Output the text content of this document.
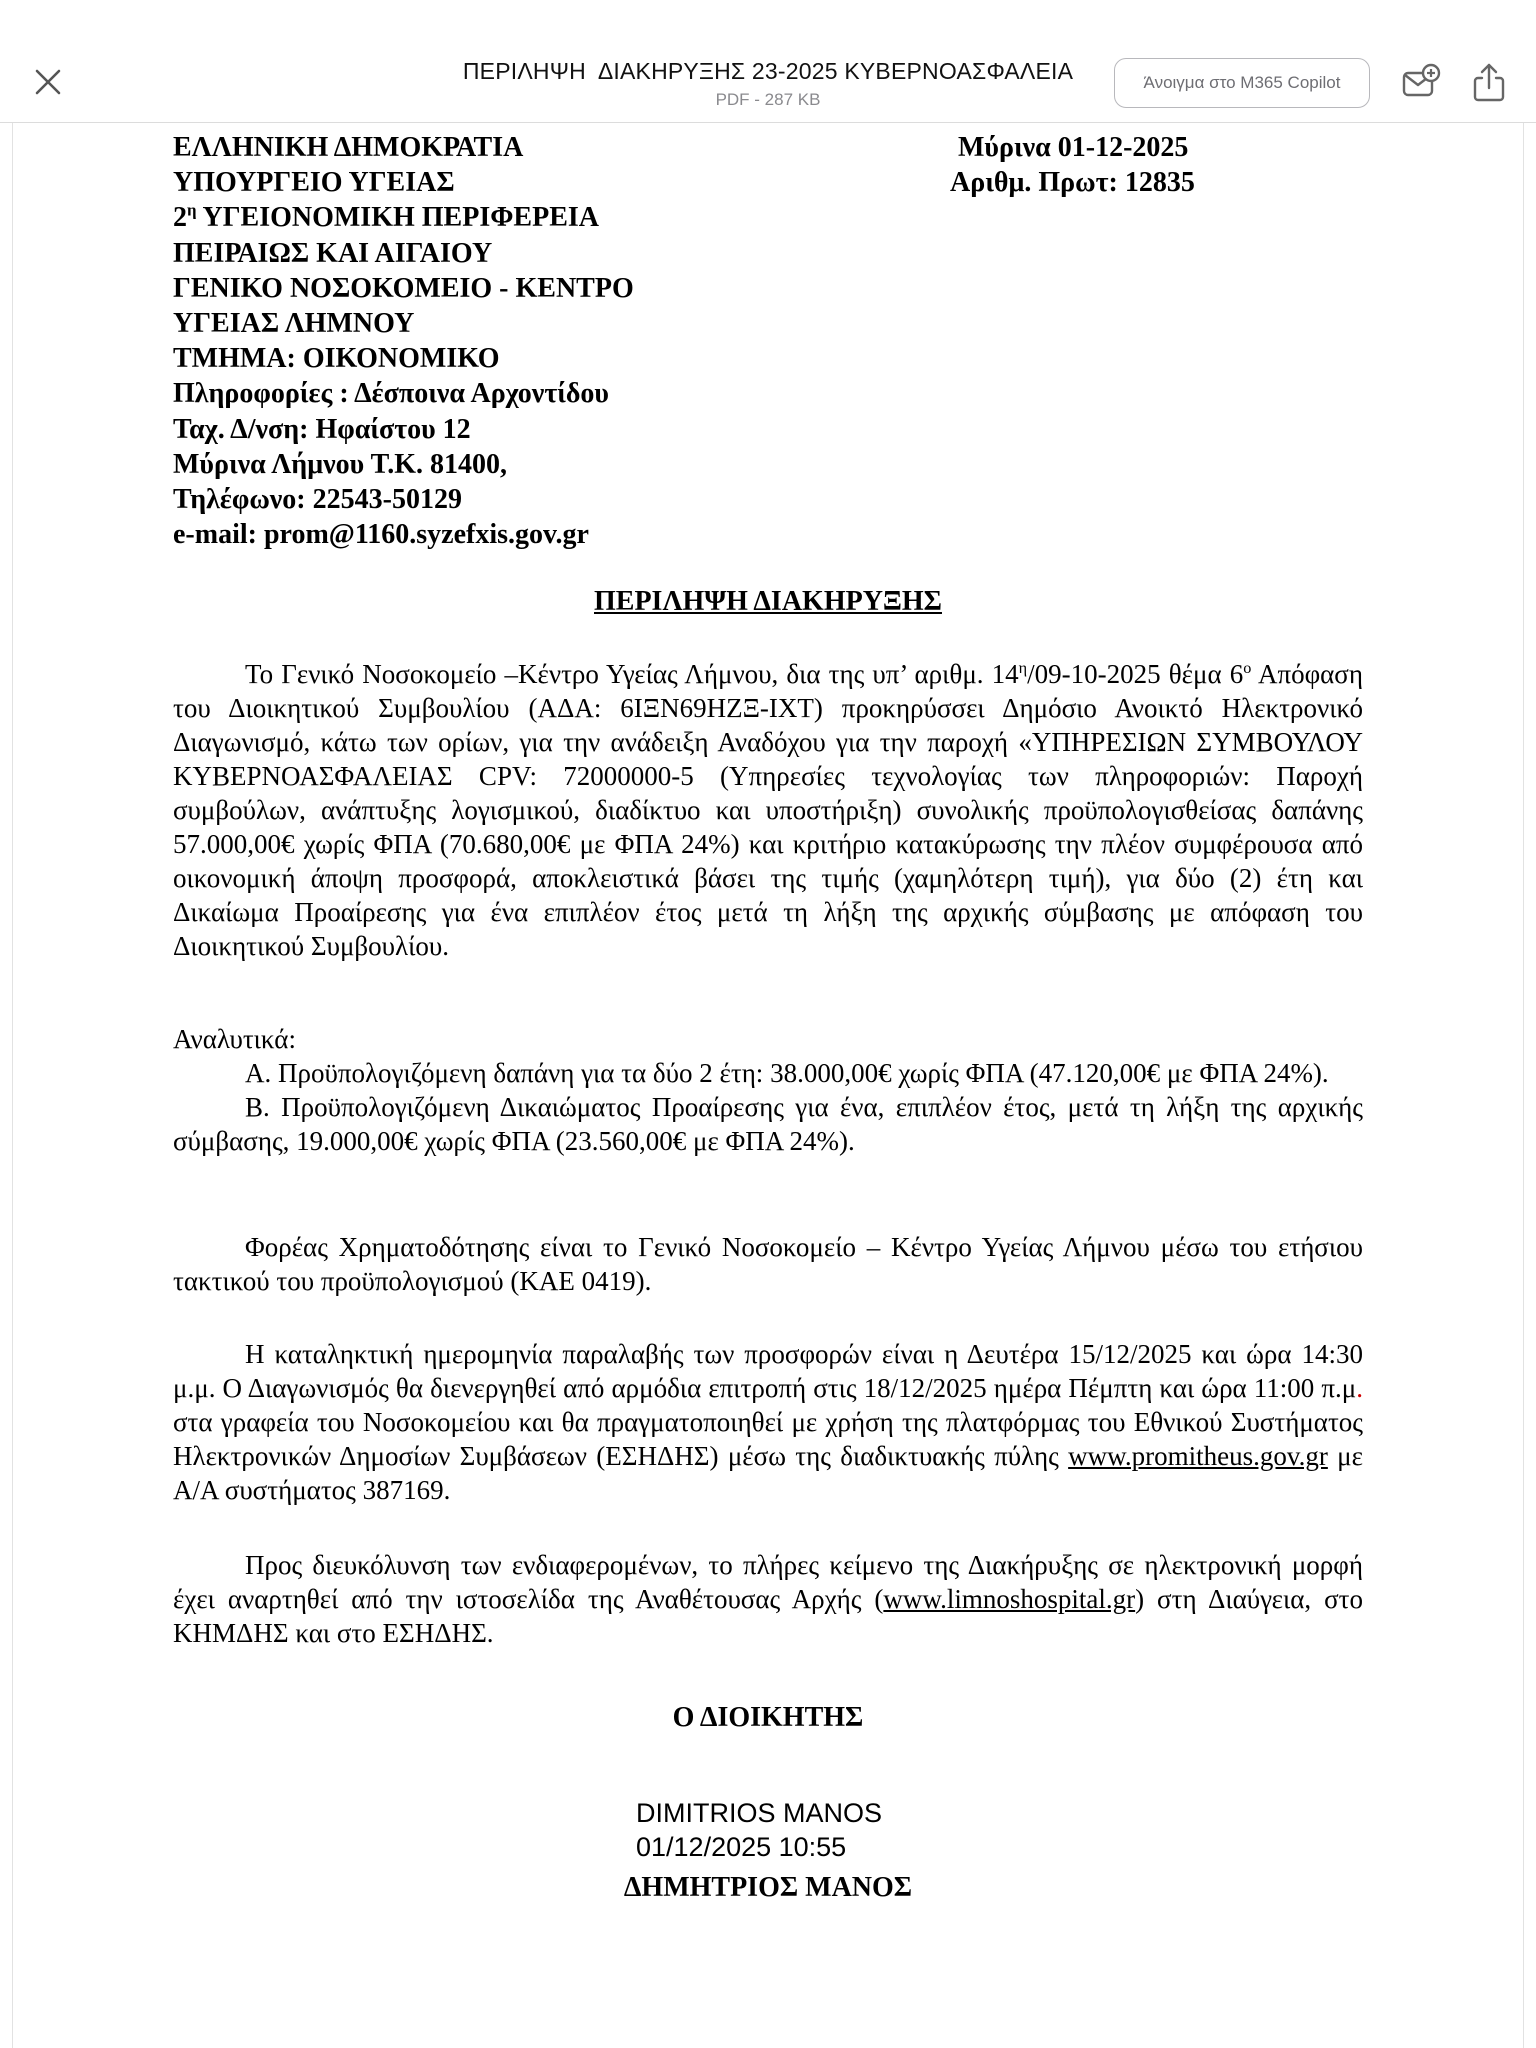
ΠΕΡΙΛΗΨΗ  ΔΙΑΚΗΡΥΞΗΣ 23-2025 ΚΥΒΕΡΝΟΑΣΦΑΛΕΙΑ
PDF - 287 KB
Άνοιγμα στο M365 Copilot
ΕΛΛΗΝΙΚΗ ΔΗΜΟΚΡΑΤΙΑ
ΥΠΟΥΡΓΕΙΟ ΥΓΕΙΑΣ
$2^\eta$ ΥΓΕΙΟΝΟΜΙΚΗ ΠΕΡΙΦΕΡΕΙΑ
ΠΕΙΡΑΙΩΣ ΚΑΙ ΑΙΓΑΙΟΥ
ΓΕΝΙΚΟ ΝΟΣΟΚΟΜΕΙΟ - ΚΕΝΤΡΟ
ΥΓΕΙΑΣ ΛΗΜΝΟΥ
ΤΜΗΜΑ: ΟΙΚΟΝΟΜΙΚΟ
Πληροφορίες : Δέσποινα Αρχοντίδου
Ταχ. Δ/νση: Ηφαίστου 12
Μύρινα Λήμνου Τ.Κ. 81400,
Τηλέφωνο: 22543-50129
e-mail: prom@1160.syzefxis.gov.gr
Μύρινα 01-12-2025
Αριθμ. Πρωτ: 12835
ΠΕΡΙΛΗΨΗ ΔΙΑΚΗΡΥΞΗΣ
Το Γενικό Νοσοκομείο –Κέντρο Υγείας Λήμνου, δια της υπ’ αριθμ. $14^\eta/09-10-2025$ θέμα $6^o$ Απόφαση του Διοικητικού Συμβουλίου (ΑΔΑ: 6ΙΞΝ69ΗΖΞ-ΙΧΤ) προκηρύσσει Δημόσιο Ανοικτό Ηλεκτρονικό Διαγωνισμό, κάτω των ορίων, για την ανάδειξη Αναδόχου για την παροχή «ΥΠΗΡΕΣΙΩΝ ΣΥΜΒΟΥΛΟΥ ΚΥΒΕΡΝΟΑΣΦΑΛΕΙΑΣ CPV: 72000000-5 (Υπηρεσίες τεχνολογίας των πληροφοριών: Παροχή συμβούλων, ανάπτυξης λογισμικού, διαδίκτυο και υποστήριξη) συνολικής προϋπολογισθείσας δαπάνης 57.000,00€ χωρίς ΦΠΑ (70.680,00€ με ΦΠΑ 24%) και κριτήριο κατακύρωσης την πλέον συμφέρουσα από οικονομική άποψη προσφορά, αποκλειστικά βάσει της τιμής (χαμηλότερη τιμή), για δύο (2) έτη και Δικαίωμα Προαίρεσης για ένα επιπλέον έτος μετά τη λήξη της αρχικής σύμβασης με απόφαση του Διοικητικού Συμβουλίου.
Αναλυτικά:
Α. Προϋπολογιζόμενη δαπάνη για τα δύο 2 έτη: 38.000,00€ χωρίς ΦΠΑ (47.120,00€ με ΦΠΑ 24%).
Β. Προϋπολογιζόμενη Δικαιώματος Προαίρεσης για ένα, επιπλέον έτος, μετά τη λήξη της αρχικής σύμβασης, 19.000,00€ χωρίς ΦΠΑ (23.560,00€ με ΦΠΑ 24%).
Φορέας Χρηματοδότησης είναι το Γενικό Νοσοκομείο – Κέντρο Υγείας Λήμνου μέσω του ετήσιου τακτικού του προϋπολογισμού (ΚΑΕ 0419).
Η καταληκτική ημερομηνία παραλαβής των προσφορών είναι η Δευτέρα 15/12/2025 και ώρα 14:30 μ.μ. Ο Διαγωνισμός θα διενεργηθεί από αρμόδια επιτροπή στις 18/12/2025 ημέρα Πέμπτη και ώρα 11:00 π.μ. στα γραφεία του Νοσοκομείου και θα πραγματοποιηθεί με χρήση της πλατφόρμας του Εθνικού Συστήματος Ηλεκτρονικών Δημοσίων Συμβάσεων (ΕΣΗΔΗΣ) μέσω της διαδικτυακής πύλης www.promitheus.gov.gr με Α/Α συστήματος 387169.
Προς διευκόλυνση των ενδιαφερομένων, το πλήρες κείμενο της Διακήρυξης σε ηλεκτρονική μορφή έχει αναρτηθεί από την ιστοσελίδα της Αναθέτουσας Αρχής (www.limnoshospital.gr) στη Διαύγεια, στο ΚΗΜΔΗΣ και στο ΕΣΗΔΗΣ.
Ο ΔΙΟΙΚΗΤΗΣ
DIMITRIOS MANOS
01/12/2025 10:55
ΔΗΜΗΤΡΙΟΣ ΜΑΝΟΣ
